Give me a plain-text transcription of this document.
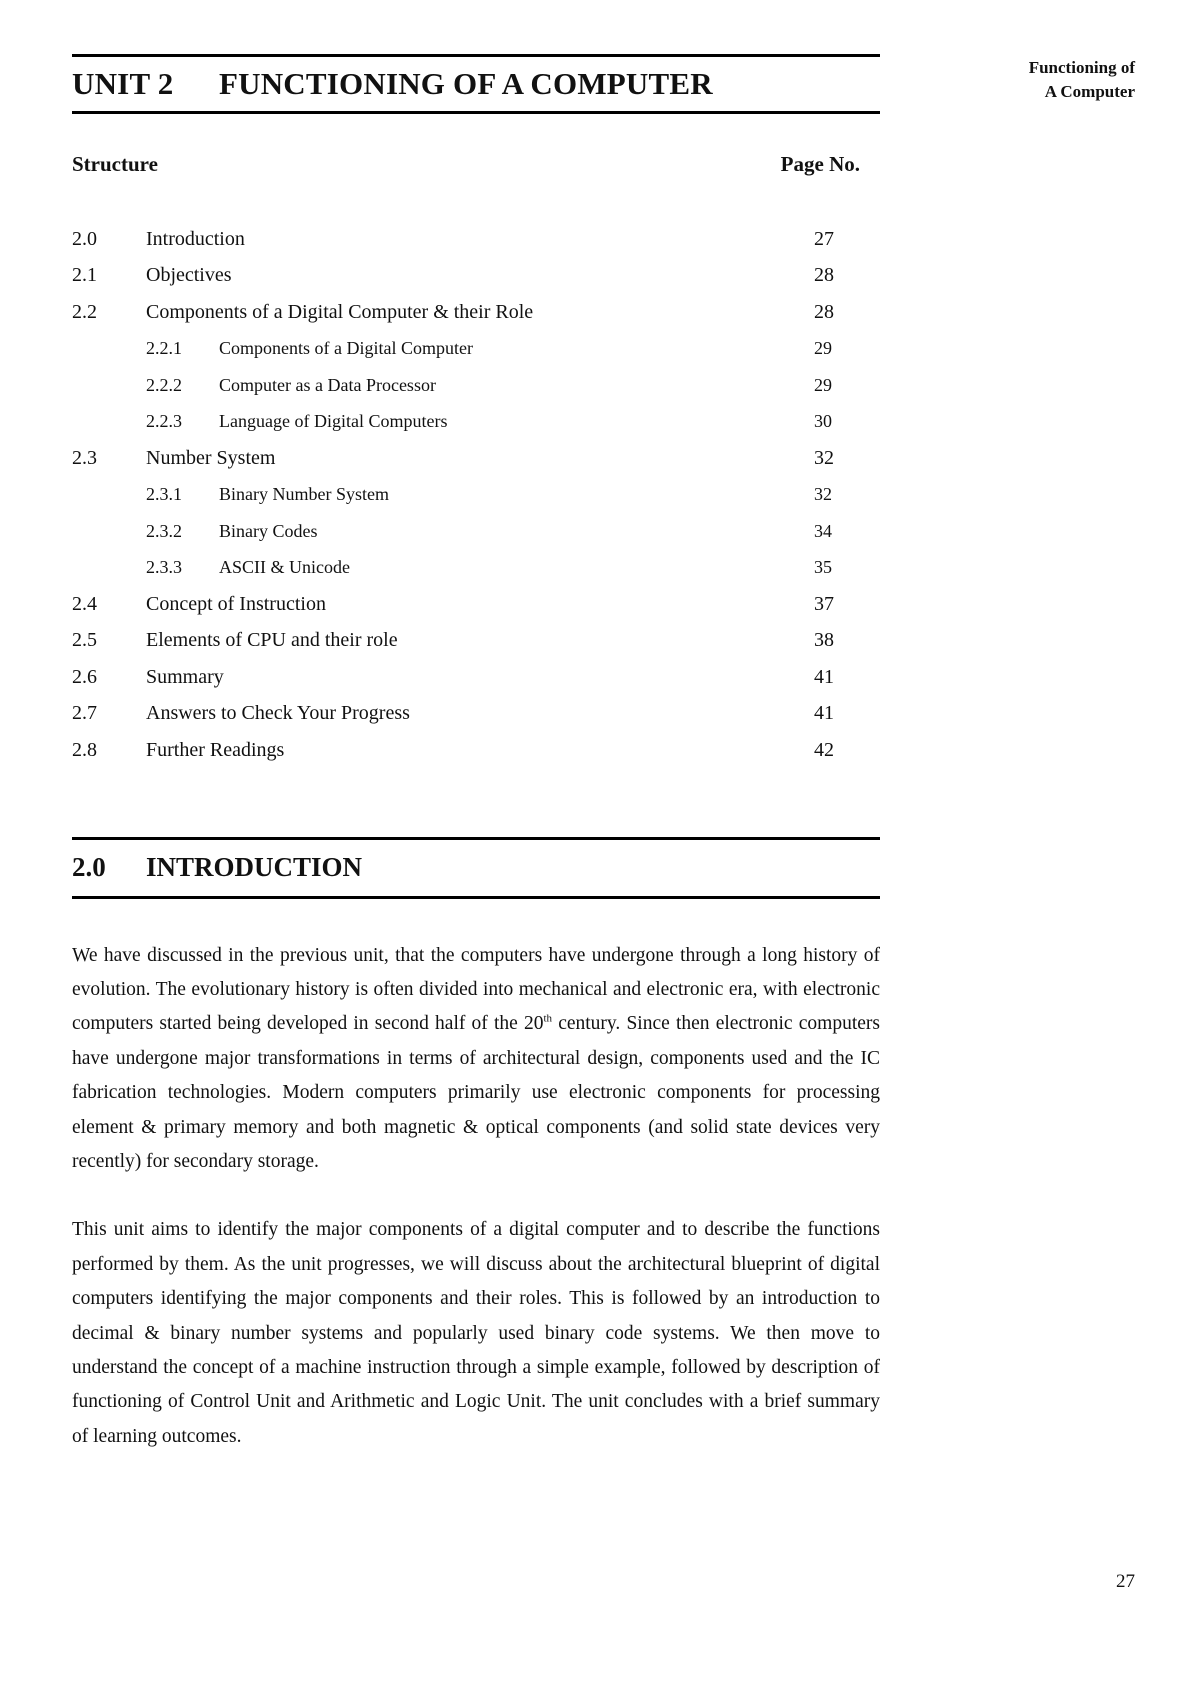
Functioning of
A Computer
UNIT 2	FUNCTIONING OF A COMPUTER
Structure	Page No.
2.0	Introduction	27
2.1	Objectives	28
2.2	Components of a Digital Computer & their Role	28
2.2.1	Components of a Digital Computer	29
2.2.2	Computer as a Data Processor	29
2.2.3	Language of Digital Computers	30
2.3	Number System	32
2.3.1	Binary Number System	32
2.3.2	Binary Codes	34
2.3.3	ASCII & Unicode	35
2.4	Concept of Instruction	37
2.5	Elements of CPU and their role	38
2.6	Summary	41
2.7	Answers to Check Your Progress	41
2.8	Further Readings	42
2.0	INTRODUCTION

We have discussed in the previous unit, that the computers have undergone through a long history of evolution. The evolutionary history is often divided into mechanical and electronic era, with electronic computers started being developed in second half of the 20th century. Since then electronic computers have undergone major transformations in terms of architectural design, components used and the IC fabrication technologies. Modern computers primarily use electronic components for processing element & primary memory and both magnetic & optical components (and solid state devices very recently) for secondary storage.

This unit aims to identify the major components of a digital computer and to describe the functions performed by them. As the unit progresses, we will discuss about the architectural blueprint of digital computers identifying the major components and their roles. This is followed by an introduction to decimal & binary number systems and popularly used binary code systems. We then move to understand the concept of a machine instruction through a simple example, followed by description of functioning of Control Unit and Arithmetic and Logic Unit. The unit concludes with a brief summary of learning outcomes.

27
